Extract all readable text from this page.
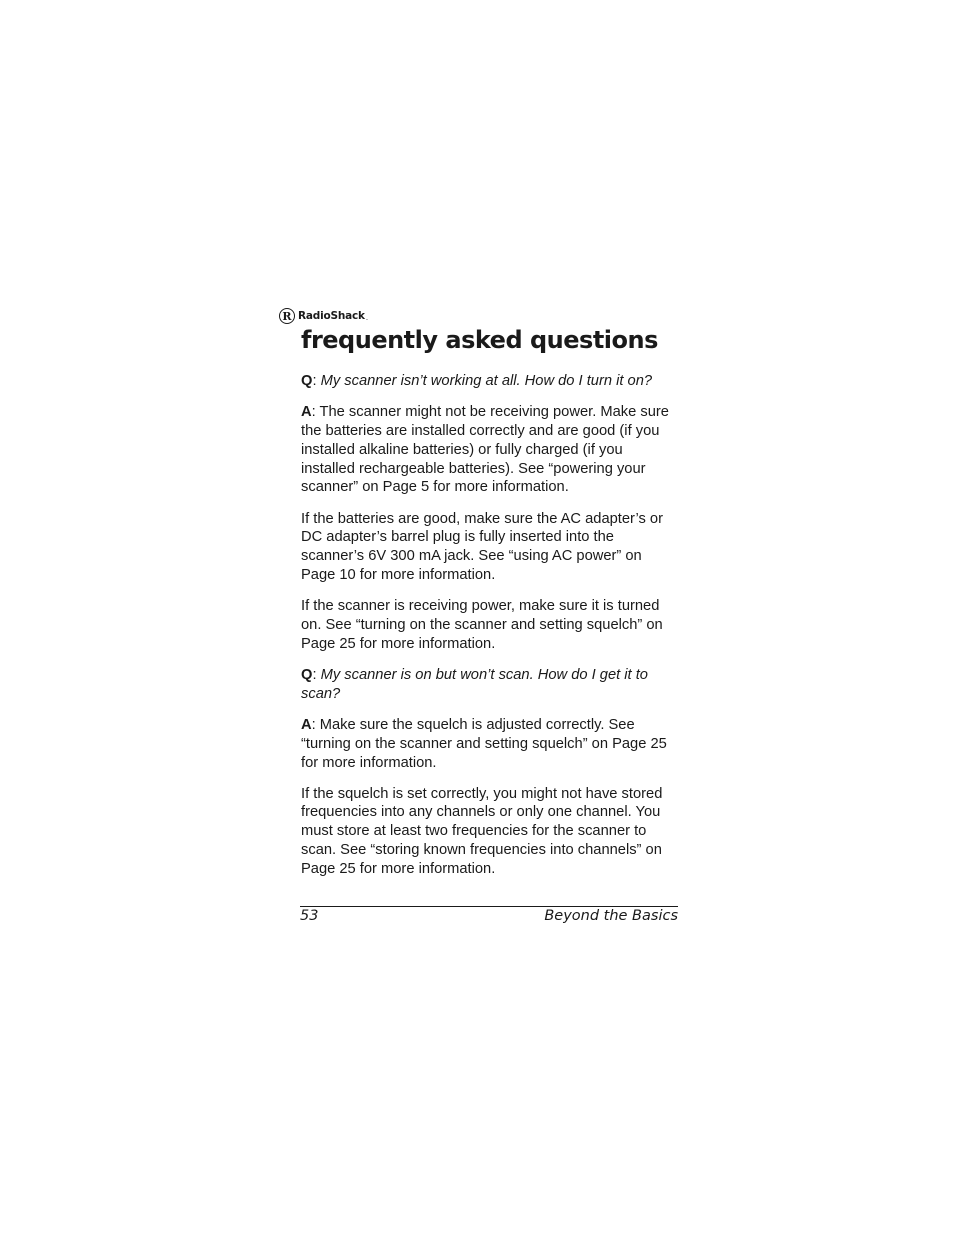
R RadioShack .
frequently asked questions

Q: My scanner isn’t working at all. How do I turn it on?

A: The scanner might not be receiving power. Make sure the batteries are installed correctly and are good (if you installed alkaline batteries) or fully charged (if you installed rechargeable batteries). See “powering your scanner” on Page 5 for more information.

If the batteries are good, make sure the AC adapter’s or DC adapter’s barrel plug is fully inserted into the scanner’s 6V 300 mA jack. See “using AC power” on Page 10 for more information.

If the scanner is receiving power, make sure it is turned on. See “turning on the scanner and setting squelch” on Page 25 for more information.

Q: My scanner is on but won’t scan. How do I get it to scan?

A: Make sure the squelch is adjusted correctly. See “turning on the scanner and setting squelch” on Page 25 for more information.

If the squelch is set correctly, you might not have stored frequencies into any channels or only one channel. You must store at least two frequencies for the scanner to scan. See “storing known frequencies into channels” on Page 25 for more information.

53	Beyond the Basics
